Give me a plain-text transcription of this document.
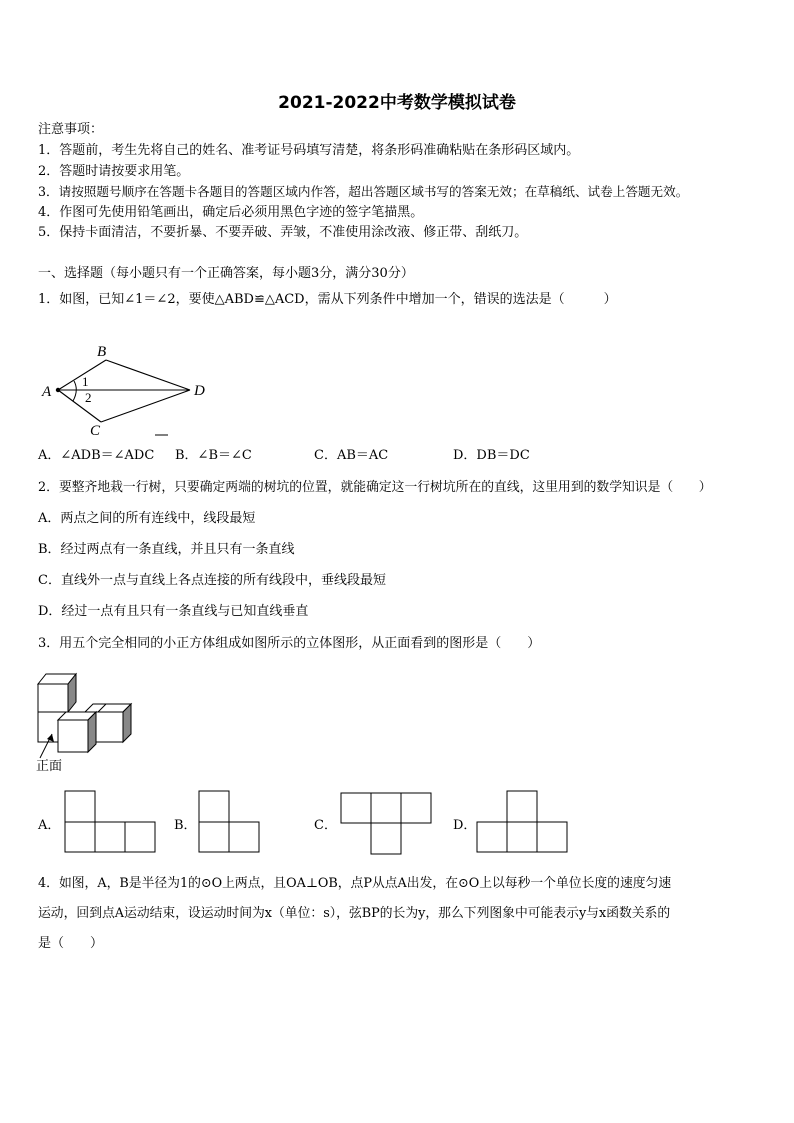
2021-2022中考数学模拟试卷
注意事项：
1．答题前，考生先将自己的姓名、准考证号码填写清楚，将条形码准确粘贴在条形码区域内。
2．答题时请按要求用笔。
3．请按照题号顺序在答题卡各题目的答题区域内作答，超出答题区域书写的答案无效；在草稿纸、试卷上答题无效。
4．作图可先使用铅笔画出，确定后必须用黑色字迹的签字笔描黑。
5．保持卡面清洁，不要折暴、不要弄破、弄皱，不准使用涂改液、修正带、刮纸刀。
一、选择题（每小题只有一个正确答案，每小题3分，满分30分）
1．如图，已知∠1＝∠2，要使△ABD≌△ACD，需从下列条件中增加一个，错误的选法是（　　　）
A
B
C
D
1
2
A．∠ADB＝∠ADC B．∠B＝∠C	C．AB＝AC	D．DB＝DC
2．要整齐地栽一行树，只要确定两端的树坑的位置，就能确定这一行树坑所在的直线，这里用到的数学知识是（　　）
A．两点之间的所有连线中，线段最短
B．经过两点有一条直线，并且只有一条直线
C．直线外一点与直线上各点连接的所有线段中，垂线段最短
D．经过一点有且只有一条直线与已知直线垂直
3．用五个完全相同的小正方体组成如图所示的立体图形，从正面看到的图形是（　　）
正面
A．	B．	C．	D．
4．如图，A，B是半径为1的⊙O上两点，且OA⊥OB，点P从点A出发，在⊙O上以每秒一个单位长度的速度匀速
运动，回到点A运动结束，设运动时间为x（单位：s），弦BP的长为y，那么下列图象中可能表示y与x函数关系的
是（　　）
